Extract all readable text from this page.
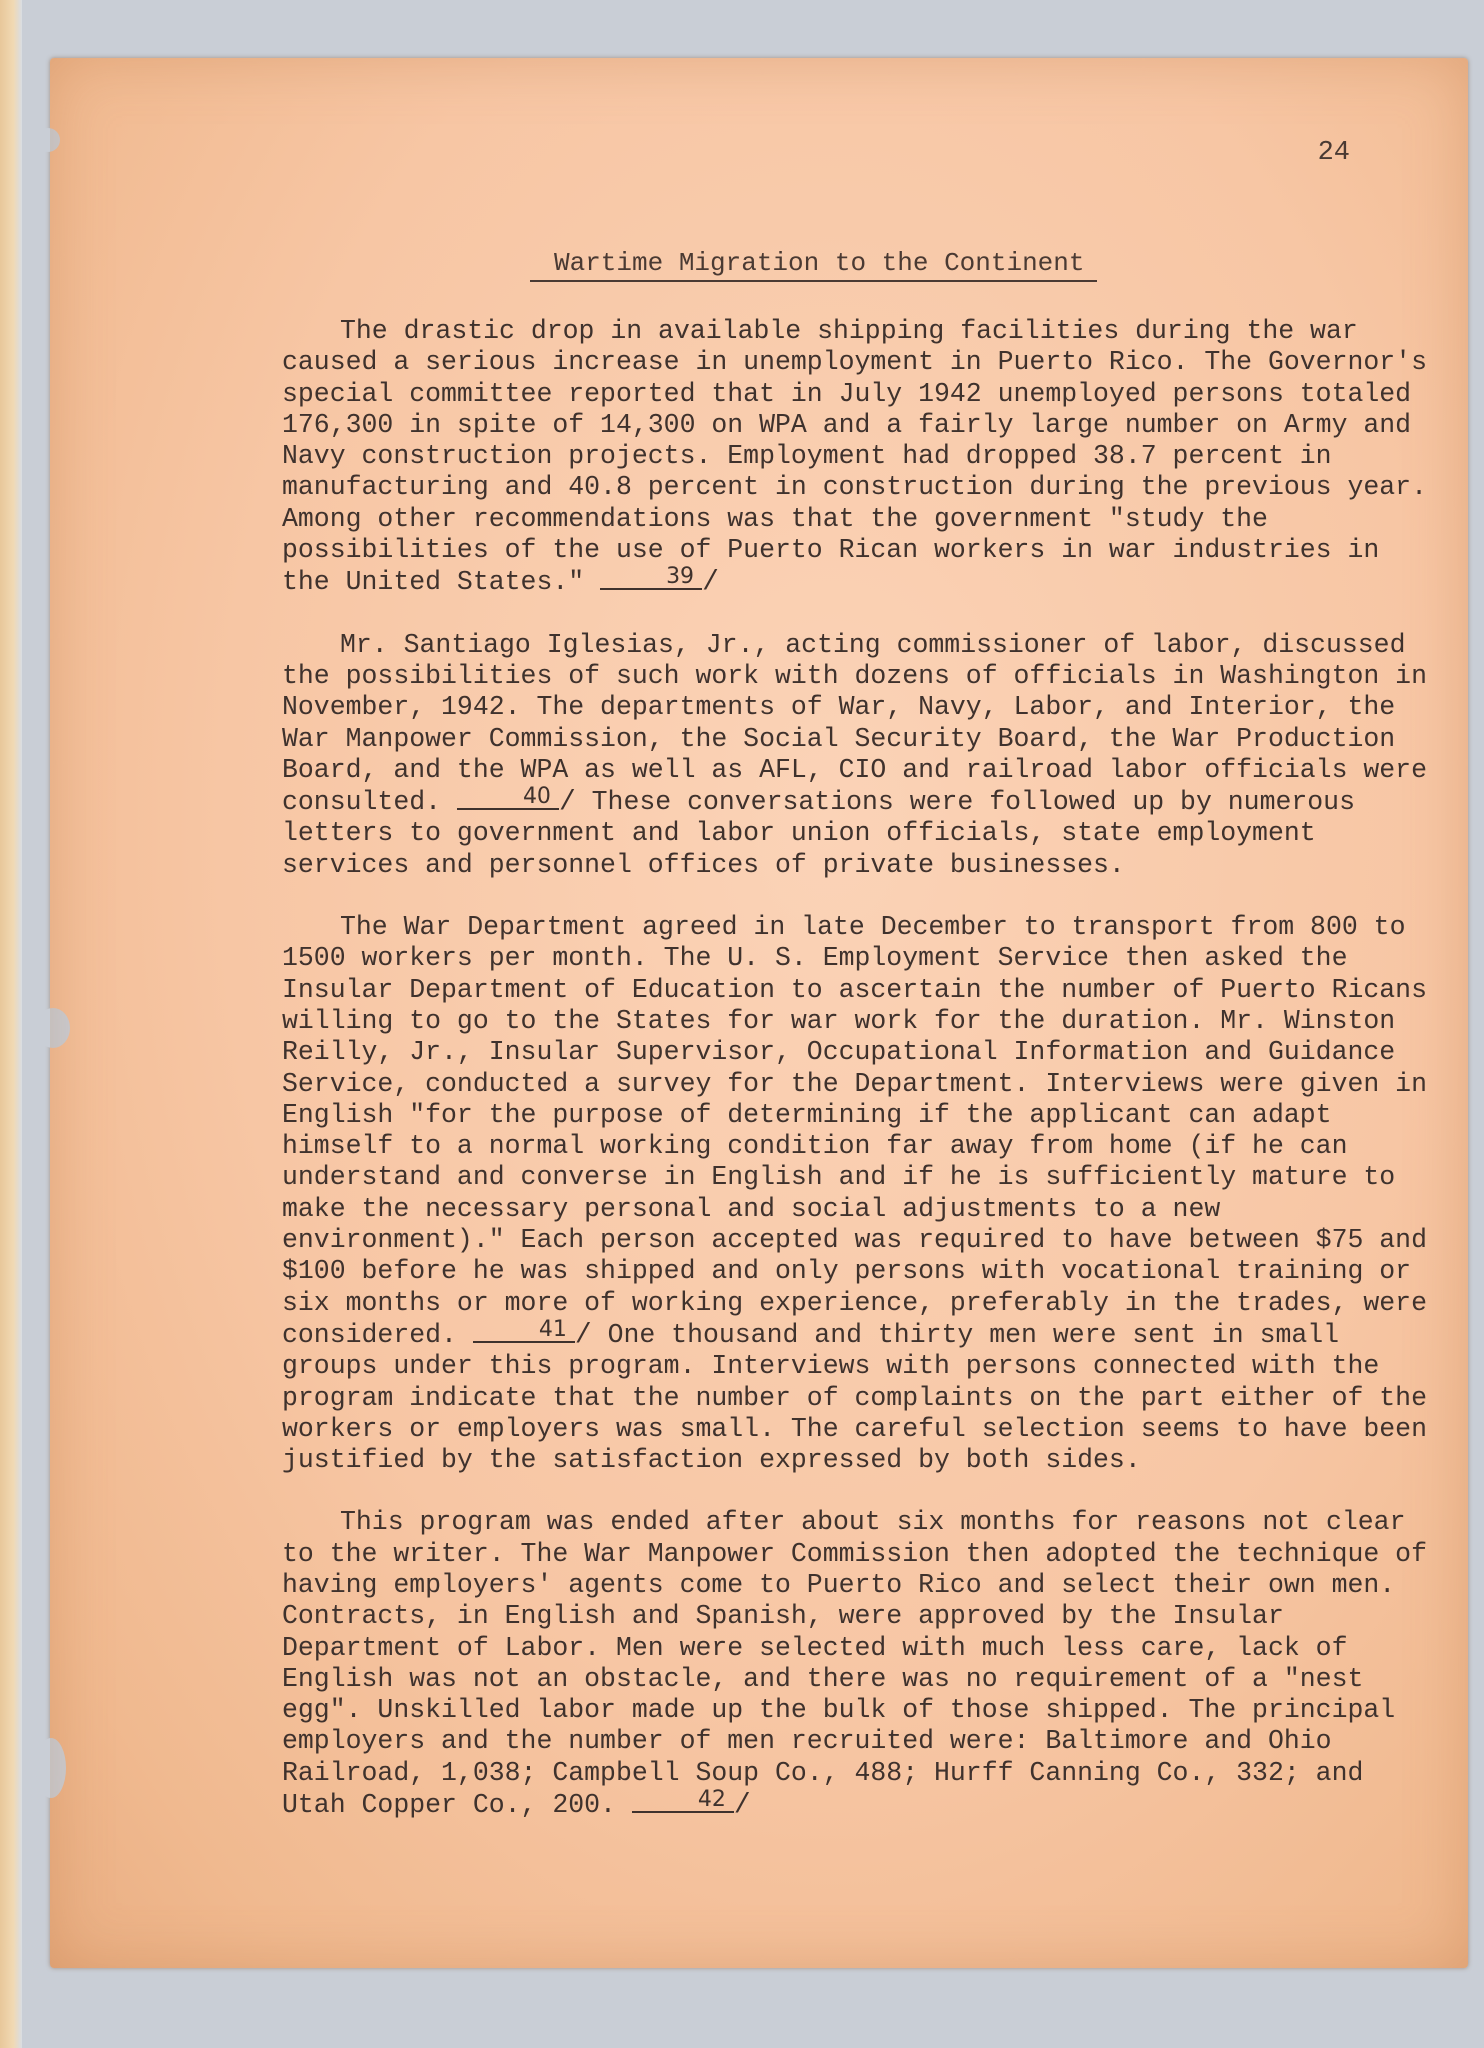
24
Wartime Migration to the Continent

The drastic drop in available shipping facilities during the war caused a serious increase in unemployment in Puerto Rico. The Governor's special committee reported that in July 1942 unemployed persons totaled 176,300 in spite of 14,300 on WPA and a fairly large number on Army and Navy construction projects. Employment had dropped 38.7 percent in manufacturing and 40.8 percent in construction during the previous year. Among other recommendations was that the government "study the possibilities of the use of Puerto Rican workers in war industries in the United States."	39 /

Mr. Santiago Iglesias, Jr., acting commissioner of labor, discussed the possibilities of such work with dozens of officials in Washington in November, 1942. The departments of War, Navy, Labor, and Interior, the War Manpower Commission, the Social Security Board, the War Production Board, and the WPA as well as AFL, CIO and railroad labor officials were consulted.	40 / These conversations were followed up by numerous letters to government and labor union officials, state employment services and personnel offices of private businesses.

The War Department agreed in late December to transport from 800 to 1500 workers per month. The U. S. Employment Service then asked the Insular Department of Education to ascertain the number of Puerto Ricans willing to go to the States for war work for the duration. Mr. Winston Reilly, Jr., Insular Supervisor, Occupational Information and Guidance Service, conducted a survey for the Department. Interviews were given in English "for the purpose of determining if the applicant can adapt himself to a normal working condition far away from home (if he can understand and converse in English and if he is sufficiently mature to make the necessary personal and social adjustments to a new environment)." Each person accepted was required to have between $75 and $100 before he was shipped and only persons with vocational training or six months or more of working experience, preferably in the trades, were considered.	41 / One thousand and thirty men were sent in small groups under this program. Interviews with persons connected with the program indicate that the number of complaints on the part either of the workers or employers was small. The careful selection seems to have been justified by the satisfaction expressed by both sides.

This program was ended after about six months for reasons not clear to the writer. The War Manpower Commission then adopted the technique of having employers' agents come to Puerto Rico and select their own men. Contracts, in English and Spanish, were approved by the Insular Department of Labor. Men were selected with much less care, lack of English was not an obstacle, and there was no requirement of a "nest egg". Unskilled labor made up the bulk of those shipped. The principal employers and the number of men recruited were: Baltimore and Ohio Railroad, 1,038; Campbell Soup Co., 488; Hurff Canning Co., 332; and Utah Copper Co., 200.	42 /
